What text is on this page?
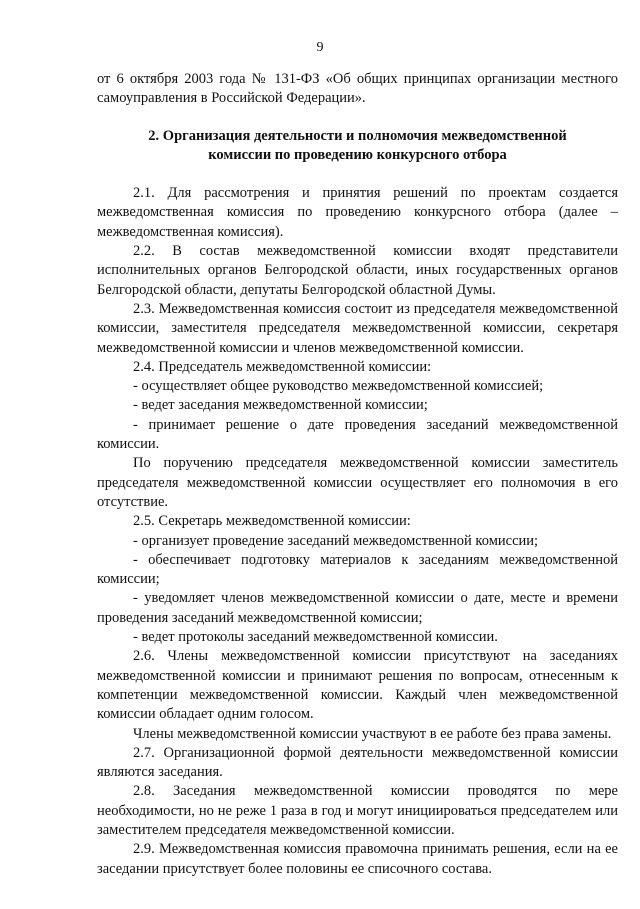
9

от 6 октября 2003 года № 131-ФЗ «Об общих принципах организации местного самоуправления в Российской Федерации».

2. Организация деятельности и полномочия межведомственной комиссии по проведению конкурсного отбора

2.1. Для рассмотрения и принятия решений по проектам создается межведомственная комиссия по проведению конкурсного отбора (далее – межведомственная комиссия).

2.2. В состав межведомственной комиссии входят представители исполнительных органов Белгородской области, иных государственных органов Белгородской области, депутаты Белгородской областной Думы.

2.3. Межведомственная комиссия состоит из председателя межведомственной комиссии, заместителя председателя межведомственной комиссии, секретаря межведомственной комиссии и членов межведомственной комиссии.

2.4. Председатель межведомственной комиссии:

- осуществляет общее руководство межведомственной комиссией;

- ведет заседания межведомственной комиссии;

- принимает решение о дате проведения заседаний межведомственной комиссии.

По поручению председателя межведомственной комиссии заместитель председателя межведомственной комиссии осуществляет его полномочия в его отсутствие.

2.5. Секретарь межведомственной комиссии:

- организует проведение заседаний межведомственной комиссии;

- обеспечивает подготовку материалов к заседаниям межведомственной комиссии;

- уведомляет членов межведомственной комиссии о дате, месте и времени проведения заседаний межведомственной комиссии;

- ведет протоколы заседаний межведомственной комиссии.

2.6. Члены межведомственной комиссии присутствуют на заседаниях межведомственной комиссии и принимают решения по вопросам, отнесенным к компетенции межведомственной комиссии. Каждый член межведомственной комиссии обладает одним голосом.

Члены межведомственной комиссии участвуют в ее работе без права замены.

2.7. Организационной формой деятельности межведомственной комиссии являются заседания.

2.8. Заседания межведомственной комиссии проводятся по мере необходимости, но не реже 1 раза в год и могут инициироваться председателем или заместителем председателя межведомственной комиссии.

2.9. Межведомственная комиссия правомочна принимать решения, если на ее заседании присутствует более половины ее списочного состава.
